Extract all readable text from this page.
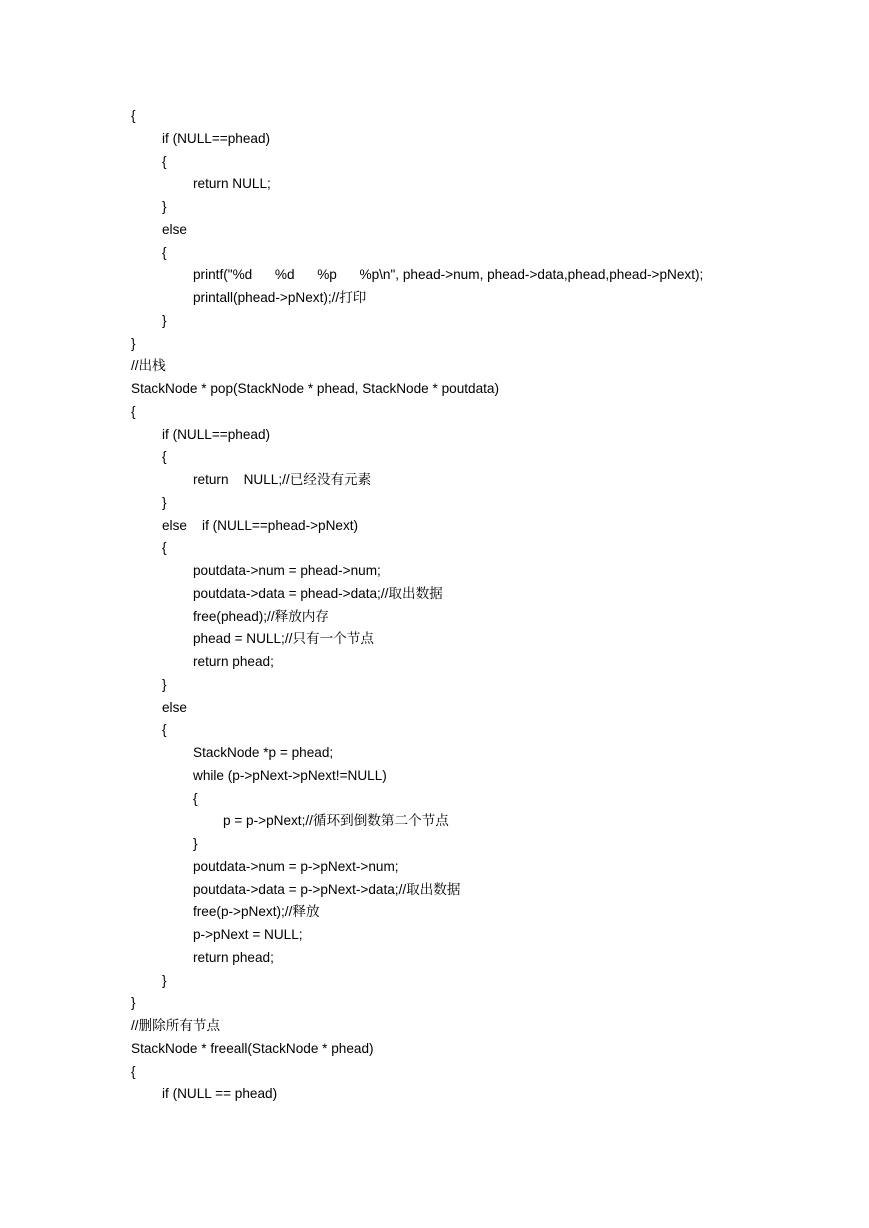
{
if (NULL==phead)
{
return NULL;
}
else
{
printf("%d      %d      %p      %p\n", phead->num, phead->data,phead,phead->pNext);
printall(phead->pNext);//打印
}
}
//出栈
StackNode * pop(StackNode * phead, StackNode * poutdata)
{
if (NULL==phead)
{
return    NULL;//已经没有元素
}
else    if (NULL==phead->pNext)
{
poutdata->num = phead->num;
poutdata->data = phead->data;//取出数据
free(phead);//释放内存
phead = NULL;//只有一个节点
return phead;
}
else
{
StackNode *p = phead;
while (p->pNext->pNext!=NULL)
{
p = p->pNext;//循环到倒数第二个节点
}
poutdata->num = p->pNext->num;
poutdata->data = p->pNext->data;//取出数据
free(p->pNext);//释放
p->pNext = NULL;
return phead;
}
}
//删除所有节点
StackNode * freeall(StackNode * phead)
{
if (NULL == phead)
